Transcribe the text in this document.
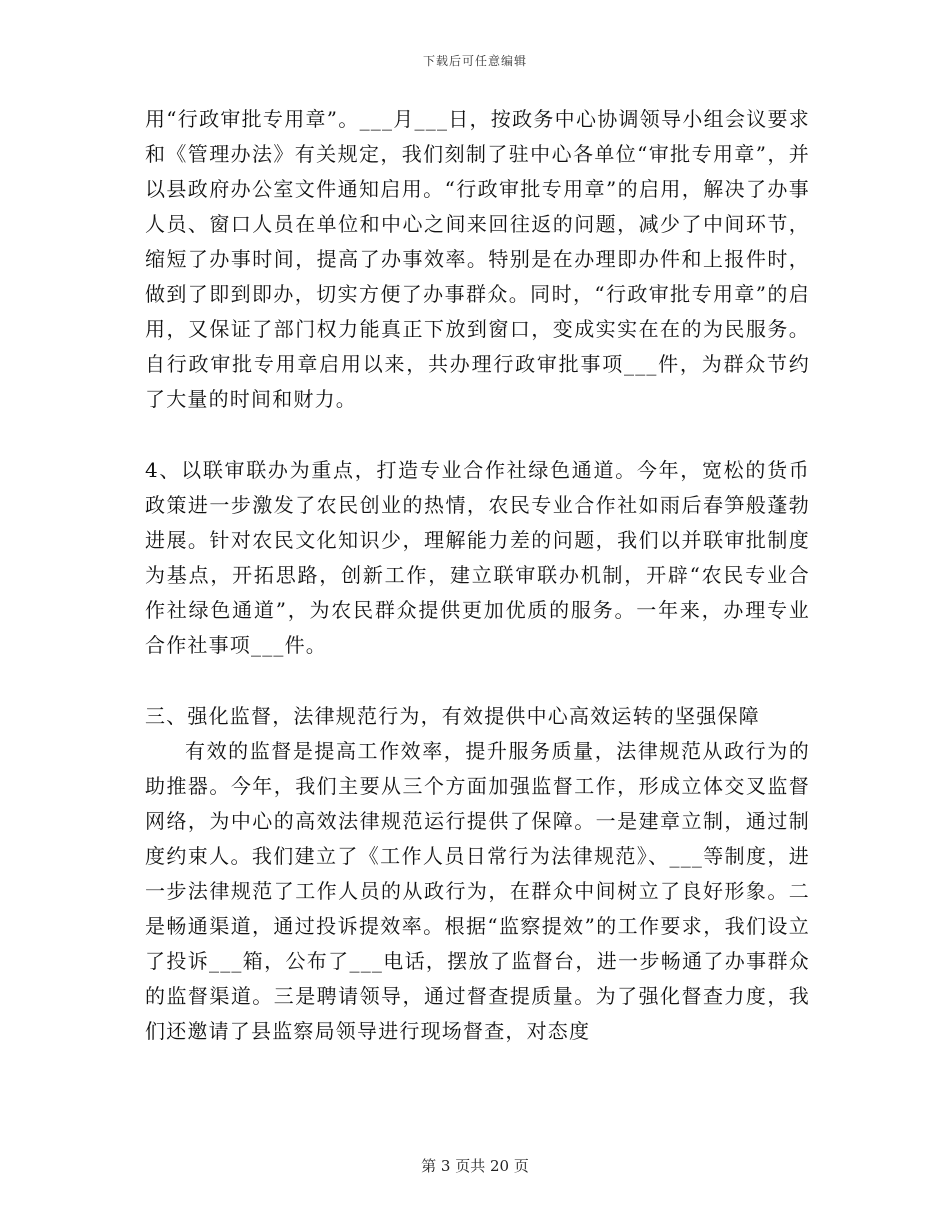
下载后可任意编辑

用“行政审批专用章”。___月___日，按政务中心协调领导小组会议要求和《管理办法》有关规定，我们刻制了驻中心各单位“审批专用章”，并以县政府办公室文件通知启用。“行政审批专用章”的启用，解决了办事人员、窗口人员在单位和中心之间来回往返的问题，减少了中间环节，缩短了办事时间，提高了办事效率。特别是在办理即办件和上报件时，做到了即到即办，切实方便了办事群众。同时，“行政审批专用章”的启用，又保证了部门权力能真正下放到窗口，变成实实在在的为民服务。自行政审批专用章启用以来，共办理行政审批事项___件，为群众节约了大量的时间和财力。

4、以联审联办为重点，打造专业合作社绿色通道。今年，宽松的货币政策进一步激发了农民创业的热情，农民专业合作社如雨后春笋般蓬勃进展。针对农民文化知识少，理解能力差的问题，我们以并联审批制度为基点，开拓思路，创新工作，建立联审联办机制，开辟“农民专业合作社绿色通道”，为农民群众提供更加优质的服务。一年来，办理专业合作社事项___件。

三、强化监督，法律规范行为，有效提供中心高效运转的坚强保障

有效的监督是提高工作效率，提升服务质量，法律规范从政行为的助推器。今年，我们主要从三个方面加强监督工作，形成立体交叉监督网络，为中心的高效法律规范运行提供了保障。一是建章立制，通过制度约束人。我们建立了《工作人员日常行为法律规范》、___等制度，进一步法律规范了工作人员的从政行为，在群众中间树立了良好形象。二是畅通渠道，通过投诉提效率。根据“监察提效”的工作要求，我们设立了投诉___箱，公布了___电话，摆放了监督台，进一步畅通了办事群众的监督渠道。三是聘请领导，通过督查提质量。为了强化督查力度，我们还邀请了县监察局领导进行现场督查，对态度

第 3 页共 20 页
